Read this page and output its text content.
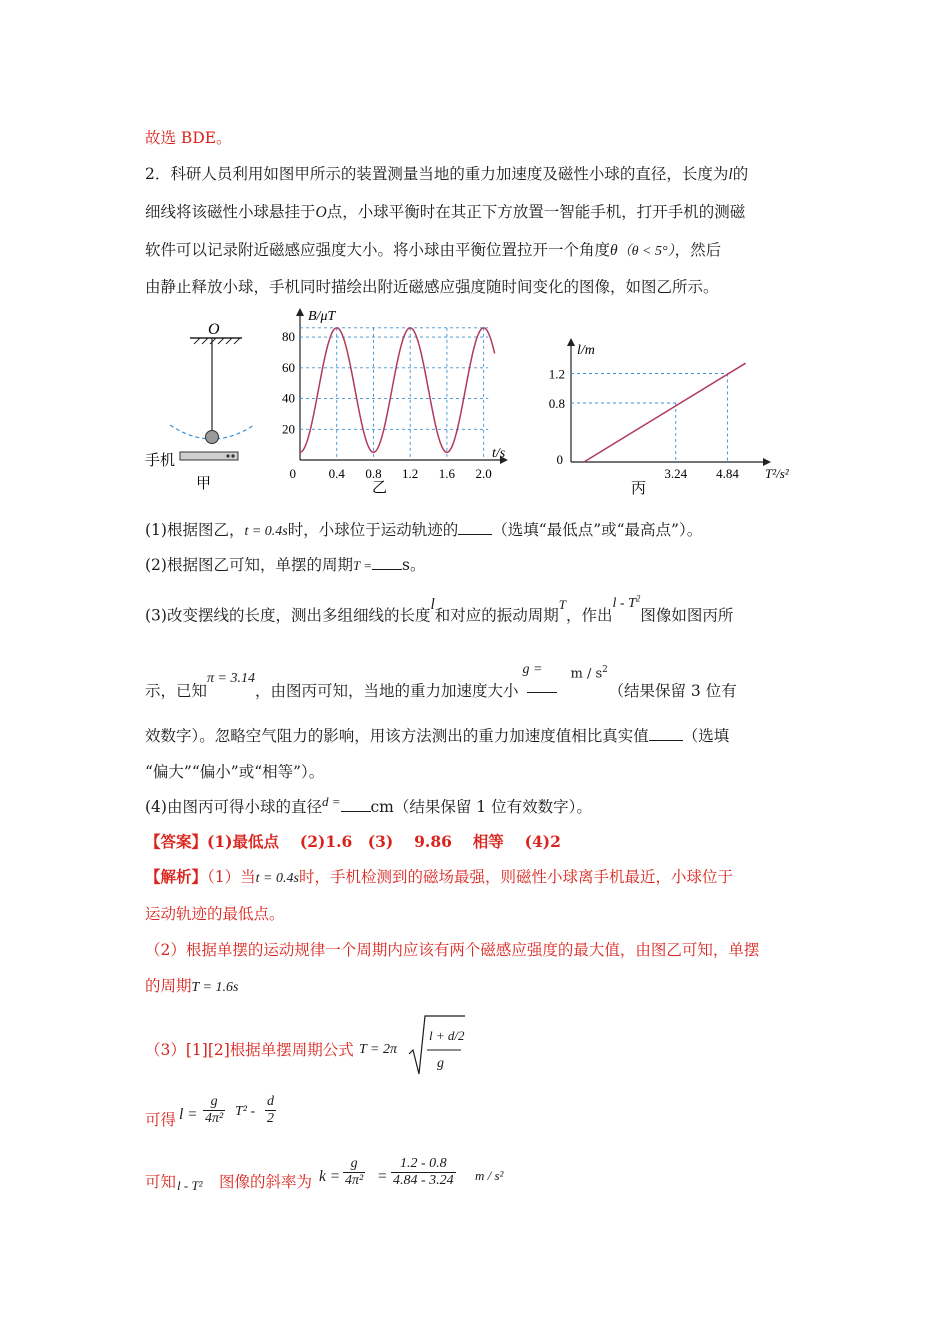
故选 BDE。
2．科研人员利用如图甲所示的装置测量当地的重力加速度及磁性小球的直径，长度为l的
细线将该磁性小球悬挂于O点，小球平衡时在其正下方放置一智能手机，打开手机的测磁
软件可以记录附近磁感应强度大小。将小球由平衡位置拉开一个角度θ（θ < 5°），然后
由静止释放小球，手机同时描绘出附近磁感应强度随时间变化的图像，如图乙所示。
O
手机
甲
B/μT
t/s
20
40
60
80
0	0.4 0.8 1.2 1.6 2.0
乙
l/m
T²/s²
0.8
1.2
0
3.24 4.84
丙
(1)根据图乙，t = 0.4s时，小球位于运动轨迹的 （选填“最低点”或“最高点”）。
(2)根据图乙可知，单摆的周期T = s。
(3)改变摆线的长度，测出多组细线的长度l和对应的振动周期$^T$，作出l - $T^2$图像如图丙所
示，已知π = 3.14，由图丙可知，当地的重力加速度大小
$g = m / s^2$
（结果保留 3 位有
效数字）。忽略空气阻力的影响，用该方法测出的重力加速度值相比真实值 （选填
“偏大”“偏小”或“相等”）。
(4)由图丙可得小球的直径$^{d =}$ cm（结果保留 1 位有效数字）。
【答案】(1)最低点　 (2)1.6　(3)　 9.86　 相等　 (4)2
【解析】（1）当t = 0.4s时，手机检测到的磁场最强，则磁性小球离手机最近，小球位于
运动轨迹的最低点。
（2）根据单摆的运动规律一个周期内应该有两个磁感应强度的最大值，由图乙可知，单摆
的周期T = 1.6s
（3）[1][2]根据单摆周期公式 T = 2π
l + d/2
g
可得 $l = \frac{g}{\text{4π²}} T^2 - \frac{d}{2}$
可知 l - T² 图像的斜率为 $k = \frac{g}{\text{4π²}} = \frac{1.2 - 0.8}{4.84 - 3.24}$ m / s²
